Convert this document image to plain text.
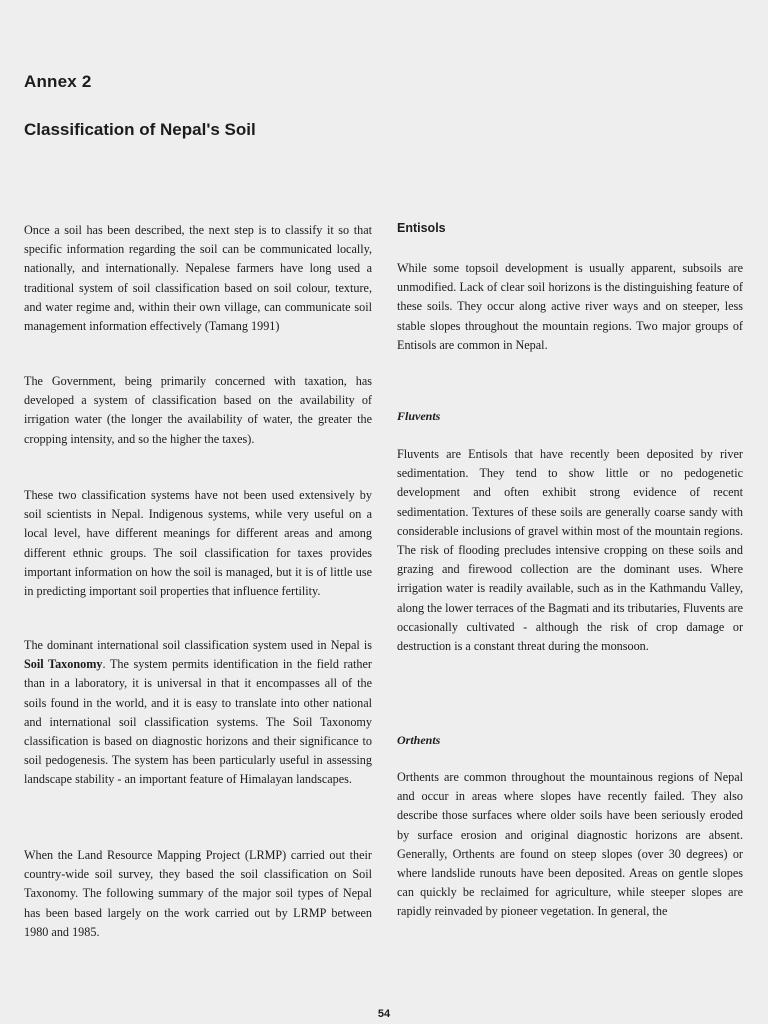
Annex 2
Classification of Nepal's Soil

Once a soil has been described, the next step is to classify it so that specific information regarding the soil can be communicated locally, nationally, and internationally. Nepalese farmers have long used a traditional system of soil classification based on soil colour, texture, and water regime and, within their own village, can communicate soil management information effectively (Tamang 1991)

The Government, being primarily concerned with taxation, has developed a system of classification based on the availability of irrigation water (the longer the availability of water, the greater the cropping intensity, and so the higher the taxes).

These two classification systems have not been used extensively by soil scientists in Nepal. Indigenous systems, while very useful on a local level, have different meanings for different areas and among different ethnic groups. The soil classification for taxes provides important information on how the soil is managed, but it is of little use in predicting important soil properties that influence fertility.

The dominant international soil classification system used in Nepal is Soil Taxonomy. The system permits identification in the field rather than in a laboratory, it is universal in that it encompasses all of the soils found in the world, and it is easy to translate into other national and international soil classification systems. The Soil Taxonomy classification is based on diagnostic horizons and their significance to soil pedogenesis. The system has been particularly useful in assessing landscape stability - an important feature of Himalayan landscapes.

When the Land Resource Mapping Project (LRMP) carried out their country-wide soil survey, they based the soil classification on Soil Taxonomy. The following summary of the major soil types of Nepal has been based largely on the work carried out by LRMP between 1980 and 1985.

Entisols

While some topsoil development is usually apparent, subsoils are unmodified. Lack of clear soil horizons is the distinguishing feature of these soils. They occur along active river ways and on steeper, less stable slopes throughout the mountain regions. Two major groups of Entisols are common in Nepal.

Fluvents

Fluvents are Entisols that have recently been deposited by river sedimentation. They tend to show little or no pedogenetic development and often exhibit strong evidence of recent sedimentation. Textures of these soils are generally coarse sandy with considerable inclusions of gravel within most of the mountain regions. The risk of flooding precludes intensive cropping on these soils and grazing and firewood collection are the dominant uses. Where irrigation water is readily available, such as in the Kathmandu Valley, along the lower terraces of the Bagmati and its tributaries, Fluvents are occasionally cultivated - although the risk of crop damage or destruction is a constant threat during the monsoon.

Orthents

Orthents are common throughout the mountainous regions of Nepal and occur in areas where slopes have recently failed. They also describe those surfaces where older soils have been seriously eroded by surface erosion and original diagnostic horizons are absent. Generally, Orthents are found on steep slopes (over 30 degrees) or where landslide runouts have been deposited. Areas on gentle slopes can quickly be reclaimed for agriculture, while steeper slopes are rapidly reinvaded by pioneer vegetation. In general, the

54
